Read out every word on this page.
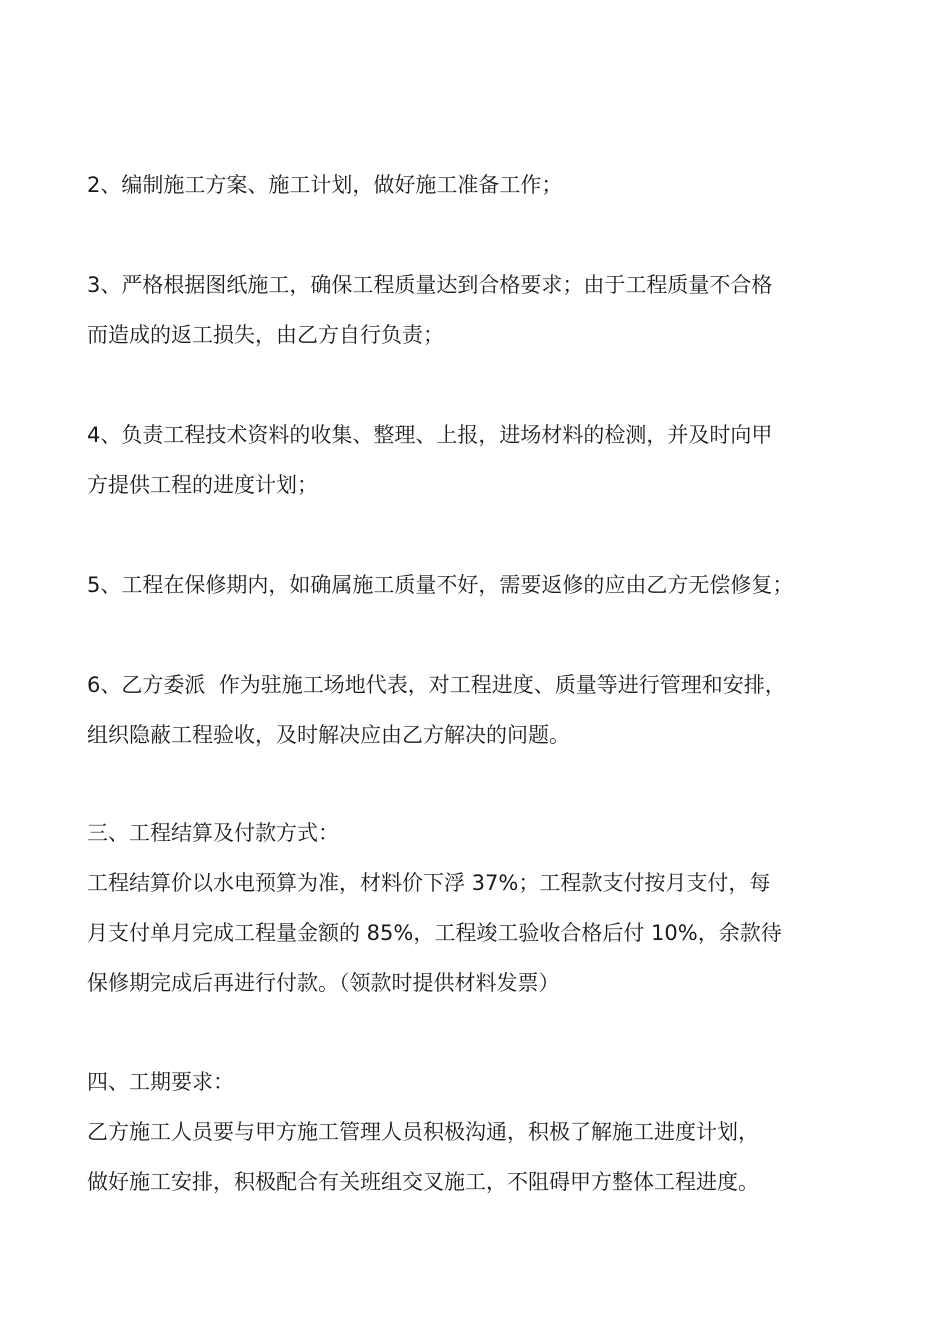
2、编制施工方案、施工计划，做好施工准备工作；
3、严格根据图纸施工，确保工程质量达到合格要求；由于工程质量不合格
而造成的返工损失，由乙方自行负责；
4、负责工程技术资料的收集、整理、上报，进场材料的检测，并及时向甲
方提供工程的进度计划；
5、工程在保修期内，如确属施工质量不好，需要返修的应由乙方无偿修复；
6、乙方委派  作为驻施工场地代表，对工程进度、质量等进行管理和安排，
组织隐蔽工程验收，及时解决应由乙方解决的问题。
三、工程结算及付款方式：
工程结算价以水电预算为准，材料价下浮 37%；工程款支付按月支付，每
月支付单月完成工程量金额的 85%，工程竣工验收合格后付 10%，余款待
保修期完成后再进行付款。（领款时提供材料发票）
四、工期要求：
乙方施工人员要与甲方施工管理人员积极沟通，积极了解施工进度计划，
做好施工安排，积极配合有关班组交叉施工，不阻碍甲方整体工程进度。
